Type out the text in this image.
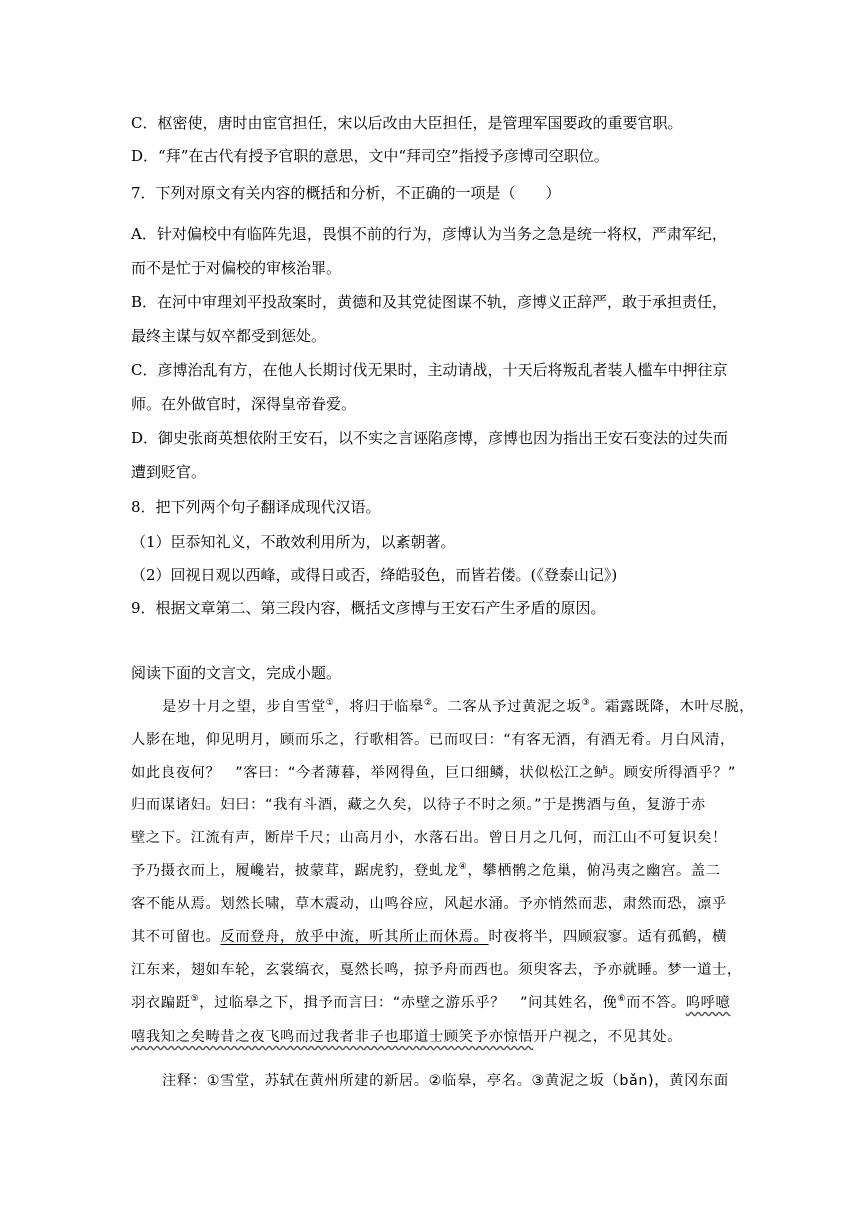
C．枢密使，唐时由宦官担任，宋以后改由大臣担任，是管理军国要政的重要官职。
D．“拜”在古代有授予官职的意思，文中“拜司空”指授予彦博司空职位。
7．下列对原文有关内容的概括和分析，不正确的一项是（　　）
A．针对偏校中有临阵先退，畏惧不前的行为，彦博认为当务之急是统一将权，严肃军纪，
而不是忙于对偏校的审核治罪。
B．在河中审理刘平投敌案时，黄德和及其党徒图谋不轨，彦博义正辞严，敢于承担责任，
最终主谋与奴卒都受到惩处。
C．彦博治乱有方，在他人长期讨伐无果时，主动请战，十天后将叛乱者装人槛车中押往京
师。在外做官时，深得皇帝眷爱。
D．御史张商英想依附王安石，以不实之言诬陷彦博，彦博也因为指出王安石变法的过失而
遭到贬官。
8．把下列两个句子翻译成现代汉语。
（1）臣忝知礼义，不敢效利用所为，以紊朝著。
（2）回视日观以西峰，或得日或否，绛皓驳色，而皆若偻。(《登泰山记》)
9．根据文章第二、第三段内容，概括文彦博与王安石产生矛盾的原因。
阅读下面的文言文，完成小题。
是岁十月之望，步自雪堂①，将归于临皋②。二客从予过黄泥之坂③。霜露既降，木叶尽脱，
人影在地，仰见明月，顾而乐之，行歌相答。已而叹曰：“有客无酒，有酒无肴。月白风清，
如此良夜何？　”客曰：“今者薄暮，举网得鱼，巨口细鳞，状似松江之鲈。顾安所得酒乎？”
归而谋诸妇。妇曰：“我有斗酒，藏之久矣，以待子不时之须。”于是携酒与鱼，复游于赤
壁之下。江流有声，断岸千尺；山高月小，水落石出。曾日月之几何，而江山不可复识矣！
予乃摄衣而上，履巉岩，披蒙茸，踞虎豹，登虬龙④，攀栖鹘之危巢，俯冯夷之幽宫。盖二
客不能从焉。划然长啸，草木震动，山鸣谷应，风起水涌。予亦悄然而悲，肃然而恐，凛乎
其不可留也。反而登舟，放乎中流，听其所止而休焉。时夜将半，四顾寂寥。适有孤鹤，横
江东来，翅如车轮，玄裳缟衣，戛然长鸣，掠予舟而西也。须臾客去，予亦就睡。梦一道士，
羽衣蹁跹⑤，过临皋之下，揖予而言曰：“赤壁之游乐乎？　”问其姓名，俛⑥而不答。呜呼噫
嘻我知之矣畴昔之夜飞鸣而过我者非子也耶道士顾笑予亦惊悟开户视之，不见其处。
注释：①雪堂，苏轼在黄州所建的新居。②临皋，亭名。③黄泥之坂（bǎn)，黄冈东面
